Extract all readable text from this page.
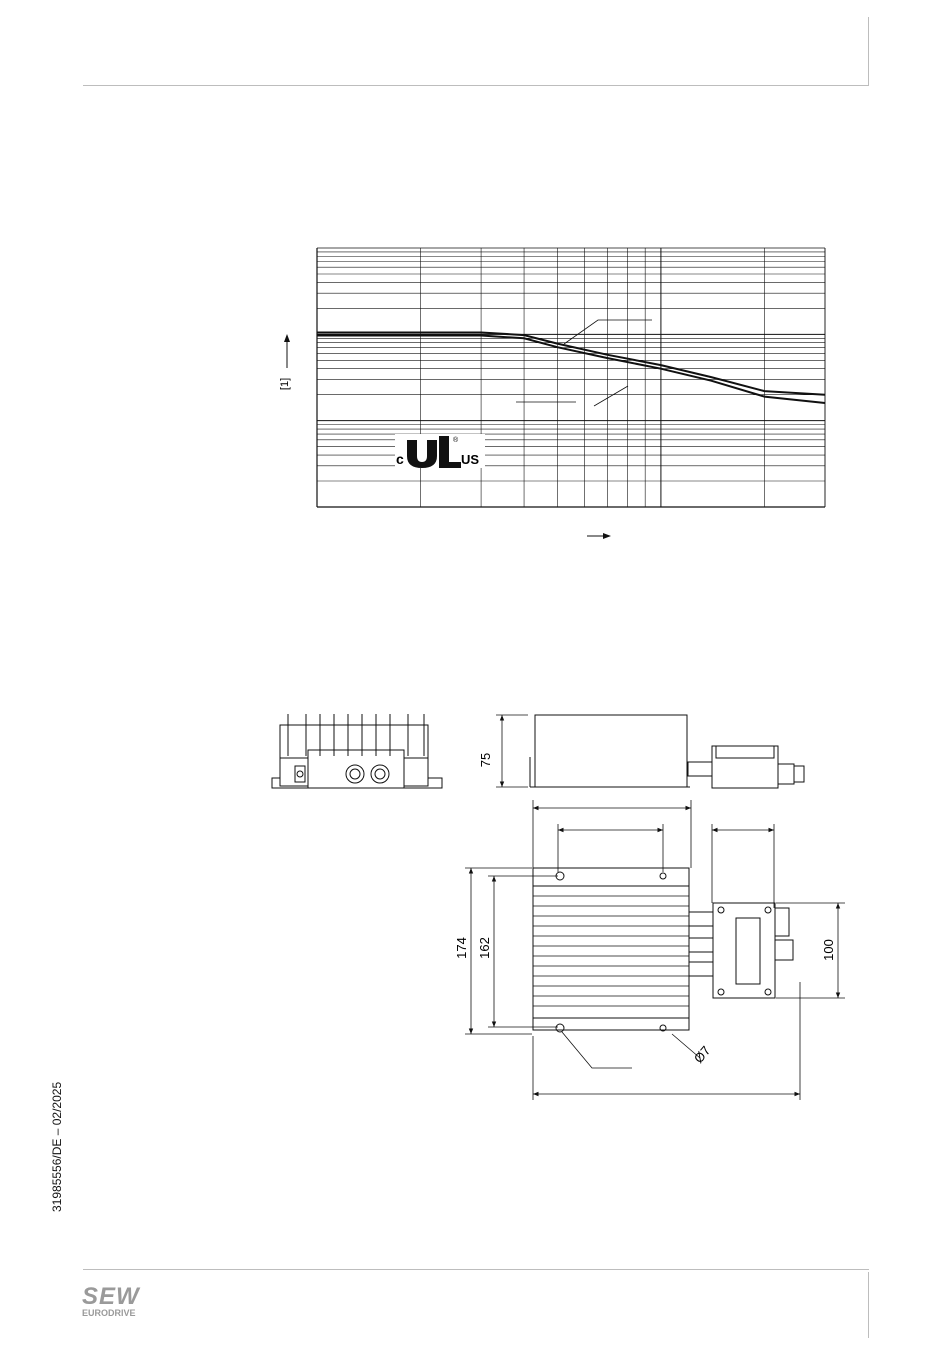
[1]
c	US
®
75
174 162	100
Ø7
31985556/DE – 02/2025
SEW
EURODRIVE
